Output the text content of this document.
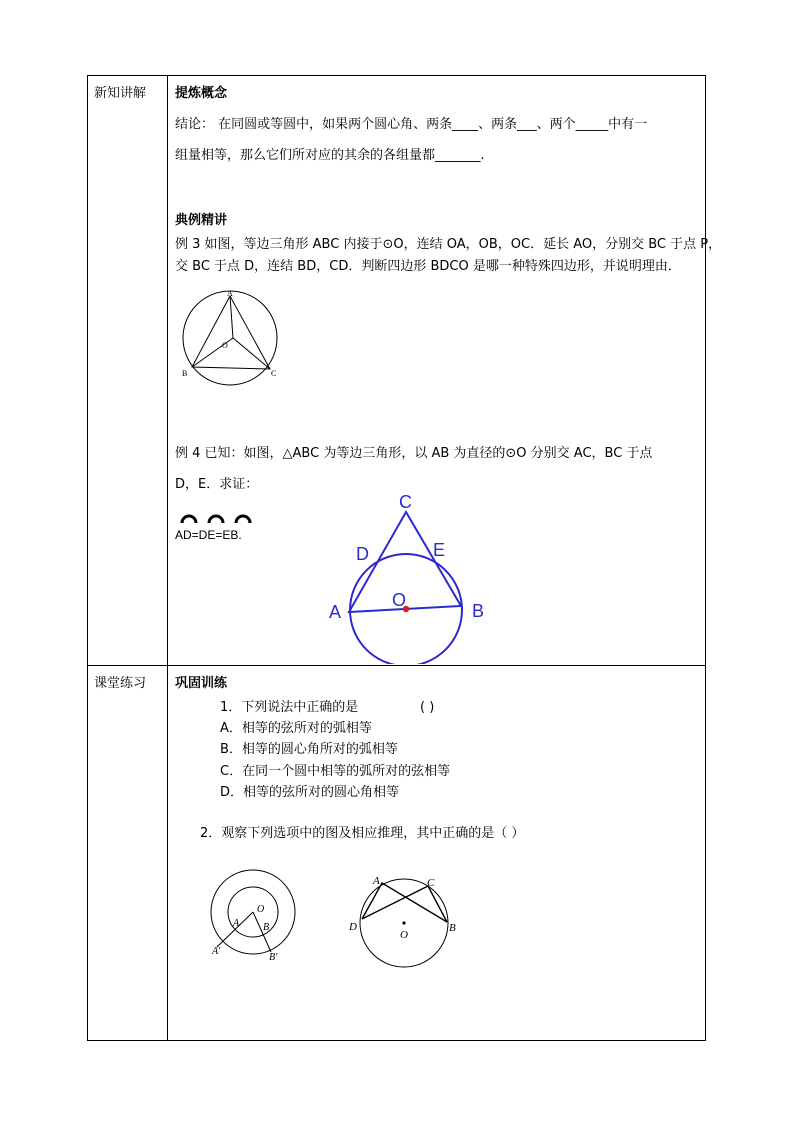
新知讲解 提炼概念
结论： 在同圆或等圆中，如果两个圆心角、两条____、两条___、两个_____中有一
组量相等，那么它们所对应的其余的各组量都_______.
典例精讲
例 3 如图，等边三角形 ABC 内接于⊙O，连结 OA，OB，OC．延长 AO，分别交 BC 于点 P，
交 BC 于点 D，连结 BD，CD．判断四边形 BDCO 是哪一种特殊四边形，并说明理由．
A
O
B	C
例 4 已知：如图，△ABC 为等边三角形，以 AB 为直径的⊙O 分别交 AC，BC 于点
D，E．求证：
AD=DE=EB.
C
D	E
O
A	B
课堂练习 巩固训练
1．下列说法中正确的是	( )
A．相等的弦所对的弧相等
B．相等的圆心角所对的弧相等
C．在同一个圆中相等的弧所对的弦相等
D．相等的弦所对的圆心角相等
2．观察下列选项中的图及相应推理，其中正确的是（ ）
O
A B
A′
B′
A	C
D	B
O
